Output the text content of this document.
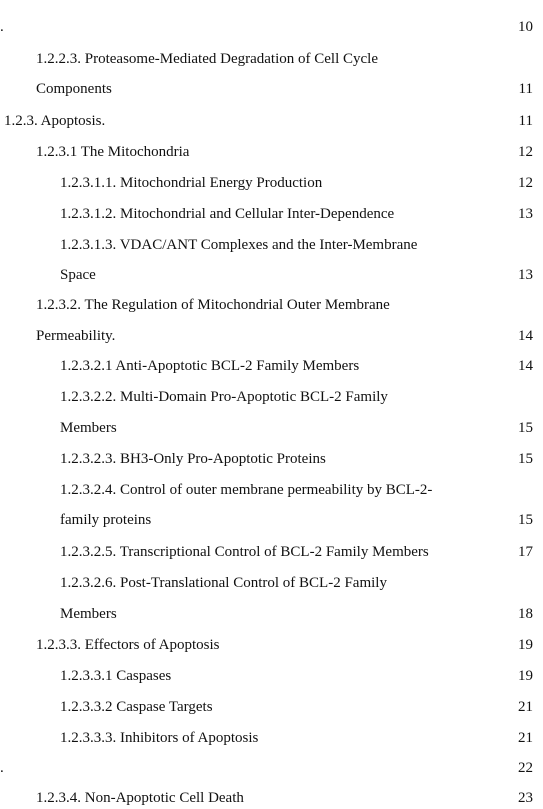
.	10
1.2.2.3. Proteasome-Mediated Degradation of Cell Cycle
Components	11
1.2.3. Apoptosis.	11
1.2.3.1 The Mitochondria	12
1.2.3.1.1. Mitochondrial Energy Production	12
1.2.3.1.2. Mitochondrial and Cellular Inter-Dependence	13
1.2.3.1.3. VDAC/ANT Complexes and the Inter-Membrane
Space	13
1.2.3.2. The Regulation of Mitochondrial Outer Membrane
Permeability.	14
1.2.3.2.1 Anti-Apoptotic BCL-2 Family Members	14
1.2.3.2.2. Multi-Domain Pro-Apoptotic BCL-2 Family
Members	15
1.2.3.2.3. BH3-Only Pro-Apoptotic Proteins	15
1.2.3.2.4. Control of outer membrane permeability by BCL-2-
family proteins	15
1.2.3.2.5. Transcriptional Control of BCL-2 Family Members	17
1.2.3.2.6. Post-Translational Control of BCL-2 Family
Members	18
1.2.3.3. Effectors of Apoptosis	19
1.2.3.3.1 Caspases	19
1.2.3.3.2 Caspase Targets	21
1.2.3.3.3. Inhibitors of Apoptosis	21
.	22
1.2.3.4. Non-Apoptotic Cell Death	23
